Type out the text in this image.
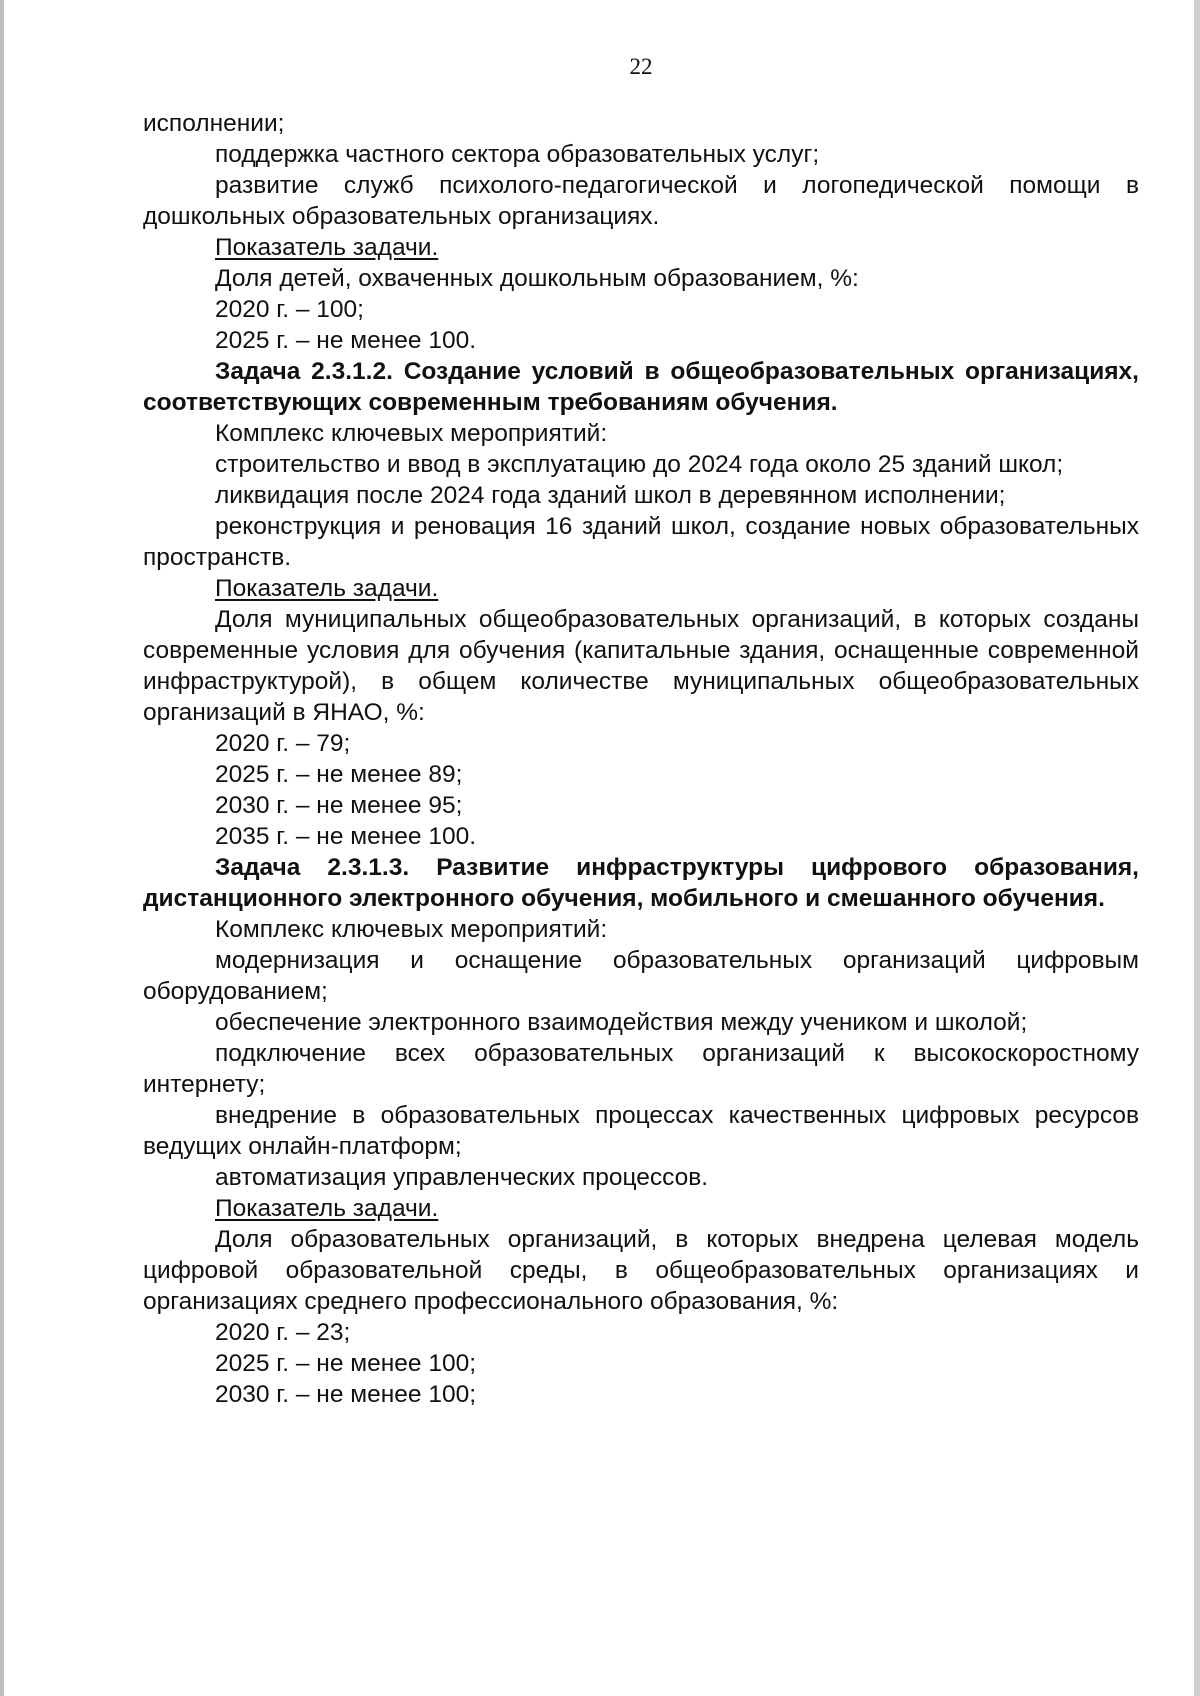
22

исполнении;

поддержка частного сектора образовательных услуг;

развитие служб психолого-педагогической и логопедической помощи в дошкольных образовательных организациях.

Показатель задачи.

Доля детей, охваченных дошкольным образованием, %:

2020 г. – 100;

2025 г. – не менее 100.

Задача 2.3.1.2. Создание условий в общеобразовательных организациях, соответствующих современным требованиям обучения.

Комплекс ключевых мероприятий:

строительство и ввод в эксплуатацию до 2024 года около 25 зданий школ;

ликвидация после 2024 года зданий школ в деревянном исполнении;

реконструкция и реновация 16 зданий школ, создание новых образовательных пространств.

Показатель задачи.

Доля муниципальных общеобразовательных организаций, в которых созданы современные условия для обучения (капитальные здания, оснащенные современной инфраструктурой), в общем количестве муниципальных общеобразовательных организаций в ЯНАО, %:

2020 г. – 79;

2025 г. – не менее 89;

2030 г. – не менее 95;

2035 г. – не менее 100.

Задача 2.3.1.3. Развитие инфраструктуры цифрового образования, дистанционного электронного обучения, мобильного и смешанного обучения.

Комплекс ключевых мероприятий:

модернизация и оснащение образовательных организаций цифровым оборудованием;

обеспечение электронного взаимодействия между учеником и школой;

подключение всех образовательных организаций к высокоскоростному интернету;

внедрение в образовательных процессах качественных цифровых ресурсов ведущих онлайн-платформ;

автоматизация управленческих процессов.

Показатель задачи.

Доля образовательных организаций, в которых внедрена целевая модель цифровой образовательной среды, в общеобразовательных организациях и организациях среднего профессионального образования, %:

2020 г. – 23;

2025 г. – не менее 100;

2030 г. – не менее 100;
